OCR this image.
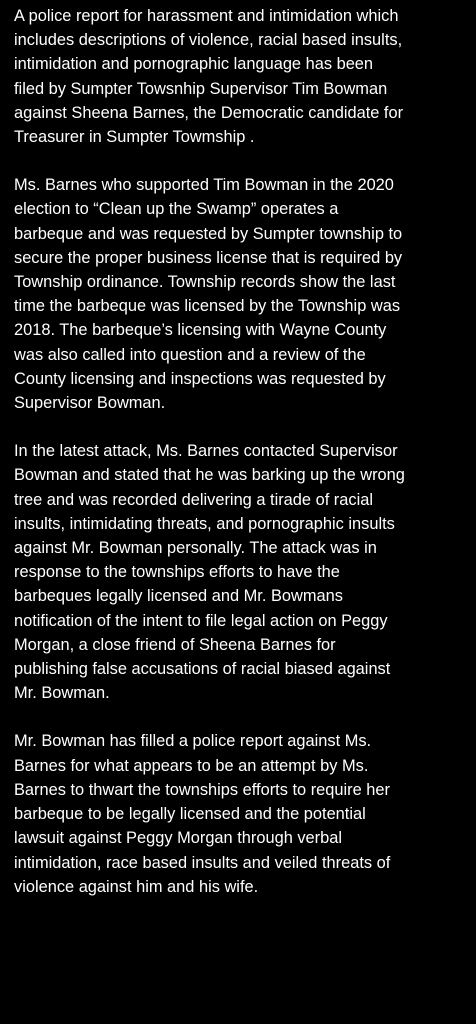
A police report for harassment and intimidation which
includes descriptions of violence, racial based insults,
intimidation and pornographic language has been
filed by Sumpter Towsnhip Supervisor Tim Bowman
against Sheena Barnes, the Democratic candidate for
Treasurer in Sumpter Towmship .

Ms. Barnes who supported Tim Bowman in the 2020
election to “Clean up the Swamp” operates a
barbeque and was requested by Sumpter township to
secure the proper business license that is required by
Township ordinance. Township records show the last
time the barbeque was licensed by the Township was
2018. The barbeque’s licensing with Wayne County
was also called into question and a review of the
County licensing and inspections was requested by
Supervisor Bowman.

In the latest attack, Ms. Barnes contacted Supervisor
Bowman and stated that he was barking up the wrong
tree and was recorded delivering a tirade of racial
insults, intimidating threats, and pornographic insults
against Mr. Bowman personally. The attack was in
response to the townships efforts to have the
barbeques legally licensed and Mr. Bowmans
notification of the intent to file legal action on Peggy
Morgan, a close friend of Sheena Barnes for
publishing false accusations of racial biased against
Mr. Bowman.

Mr. Bowman has filled a police report against Ms.
Barnes for what appears to be an attempt by Ms.
Barnes to thwart the townships efforts to require her
barbeque to be legally licensed and the potential
lawsuit against Peggy Morgan through verbal
intimidation, race based insults and veiled threats of
violence against him and his wife.
